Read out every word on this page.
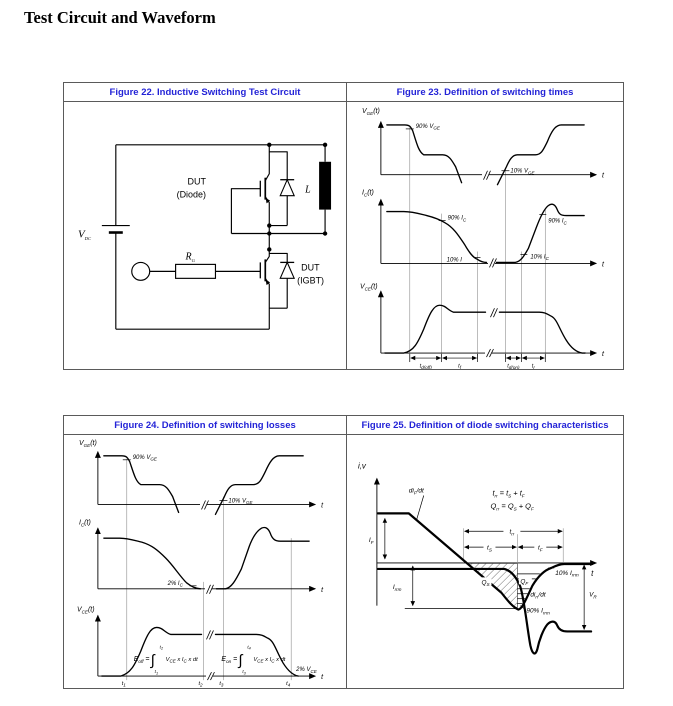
Test Circuit and Waveform
Figure 22. Inductive Switching Test Circuit	Figure 23. Definition of switching times
$V_{DC}$
DUT
(Diode)	L
$R_G$
DUT
(IGBT)
$V_{GE}(t)$
t
90% $V_{GE}$
10% $V_{GE}$
$I_C(t)$
t
90% $I_C$
10% I	10% $I_C$
90% $I_C$
$V_{CE}(t)$
t
$t_{d(off)}$	$t_f$	$t_{d(on)}$ $t_r$
Figure 24. Definition of switching losses	Figure 25. Definition of diode switching characteristics
$V_{GE}(t)$
t
90% $V_{GE}$
10% $V_{GE}$
$I_C(t)$
t
2% $I_C$
$V_{CE}(t)$
t
2% $V_{CE}$
$E_{off}$ = ∫
$t_2$
$t_1$
$V_{CE}$ x $I_C$ x dt	$E_{on}$ = ∫
$t_4$
$t_3$
$V_{CE}$ x $I_C$ x dt
$t_1$	$t_2$	$t_3$	$t_4$
i,v
t
$t_{rr}$
$t_S$	$t_F$
$I_F$
$I_{rrm}$
$V_R$
$t_{rr} = t_S + t_F$
$Q_{rr} = Q_S + Q_F$
$di_F/dt$
$Q_S$	$Q_F$
10% $I_{rrm}$
$di_{rr}/dt$
90% $I_{rrm}$
